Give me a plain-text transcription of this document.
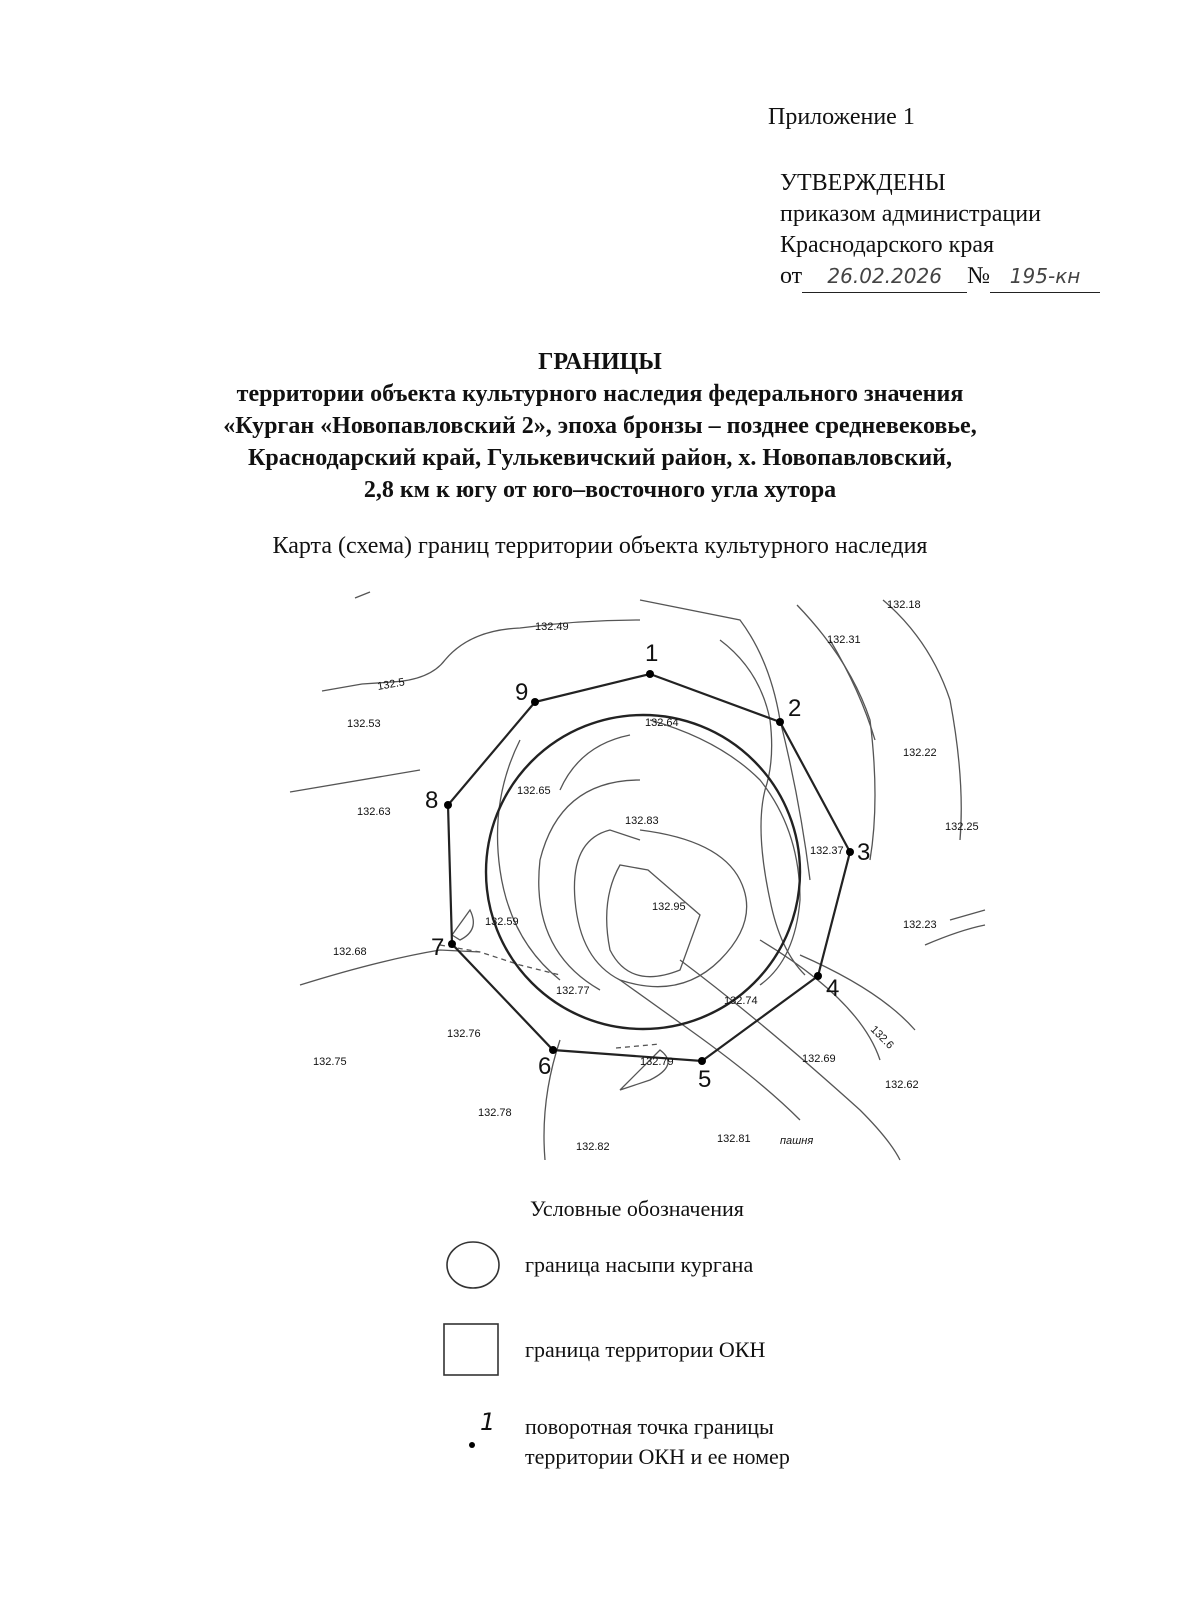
Приложение 1
УТВЕРЖДЕНЫ
приказом администрации
Краснодарского края
от 26.02.2026 № 195-кн
ГРАНИЦЫ
территории объекта культурного наследия федерального значения
«Курган «Новопавловский 2», эпоха бронзы – позднее средневековье,
Краснодарский край, Гулькевичский район, х. Новопавловский,
2,8 км к югу от юго–восточного угла хутора
Карта (схема) границ территории объекта культурного наследия
1
2
3
4
5
6
7
8
9
132.18
132.49
132.31
132.53	132.64
132.22
132.65
132.63
132.83	132.25
132.37
132.95
132.59	132.23
132.68
132.77
132.74
132.76
132.69
132.75	132.79
132.62
132.78
132.81
132.82
132.5
132.6
пашня
1
Условные обозначения
граница насыпи кургана
граница территории ОКН
поворотная точка границы
территории ОКН и ее номер
